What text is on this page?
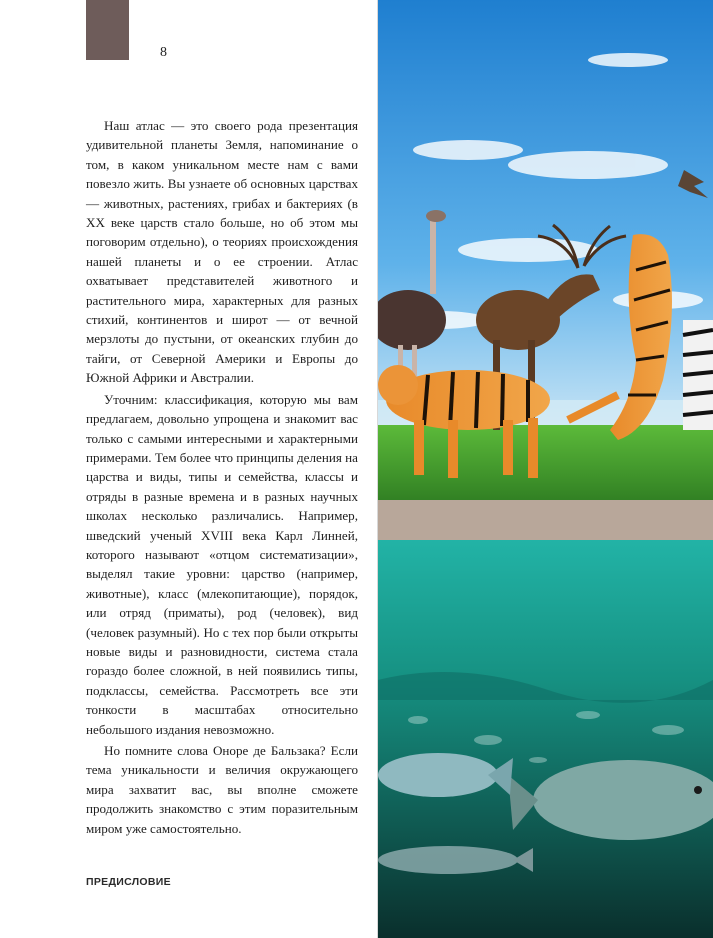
8

Наш атлас — это своего рода презентация удивительной планеты Земля, напоминание о том, в каком уникальном месте нам с вами повезло жить. Вы узнаете об основных царствах — животных, растениях, грибах и бактериях (в XX веке царств стало больше, но об этом мы поговорим отдельно), о теориях происхождения нашей планеты и о ее строении. Атлас охватывает представителей животного и растительного мира, характерных для разных стихий, континентов и широт — от вечной мерзлоты до пустыни, от океанских глубин до тайги, от Северной Америки и Европы до Южной Африки и Австралии.

Уточним: классификация, которую мы вам предлагаем, довольно упрощена и знакомит вас только с самыми интересными и характерными примерами. Тем более что принципы деления на царства и виды, типы и семейства, классы и отряды в разные времена и в разных научных школах несколько различались. Например, шведский ученый XVIII века Карл Линней, которого называют «отцом систематизации», выделял такие уровни: царство (например, животные), класс (млекопитающие), порядок, или отряд (приматы), род (человек), вид (человек разумный). Но с тех пор были открыты новые виды и разновидности, система стала гораздо более сложной, в ней появились типы, подклассы, семейства. Рассмотреть все эти тонкости в масштабах относительно небольшого издания невозможно.

Но помните слова Оноре де Бальзака? Если тема уникальности и величия окружающего мира захватит вас, вы вполне сможете продолжить знакомство с этим поразительным миром уже самостоятельно.

ПРЕДИСЛОВИЕ
